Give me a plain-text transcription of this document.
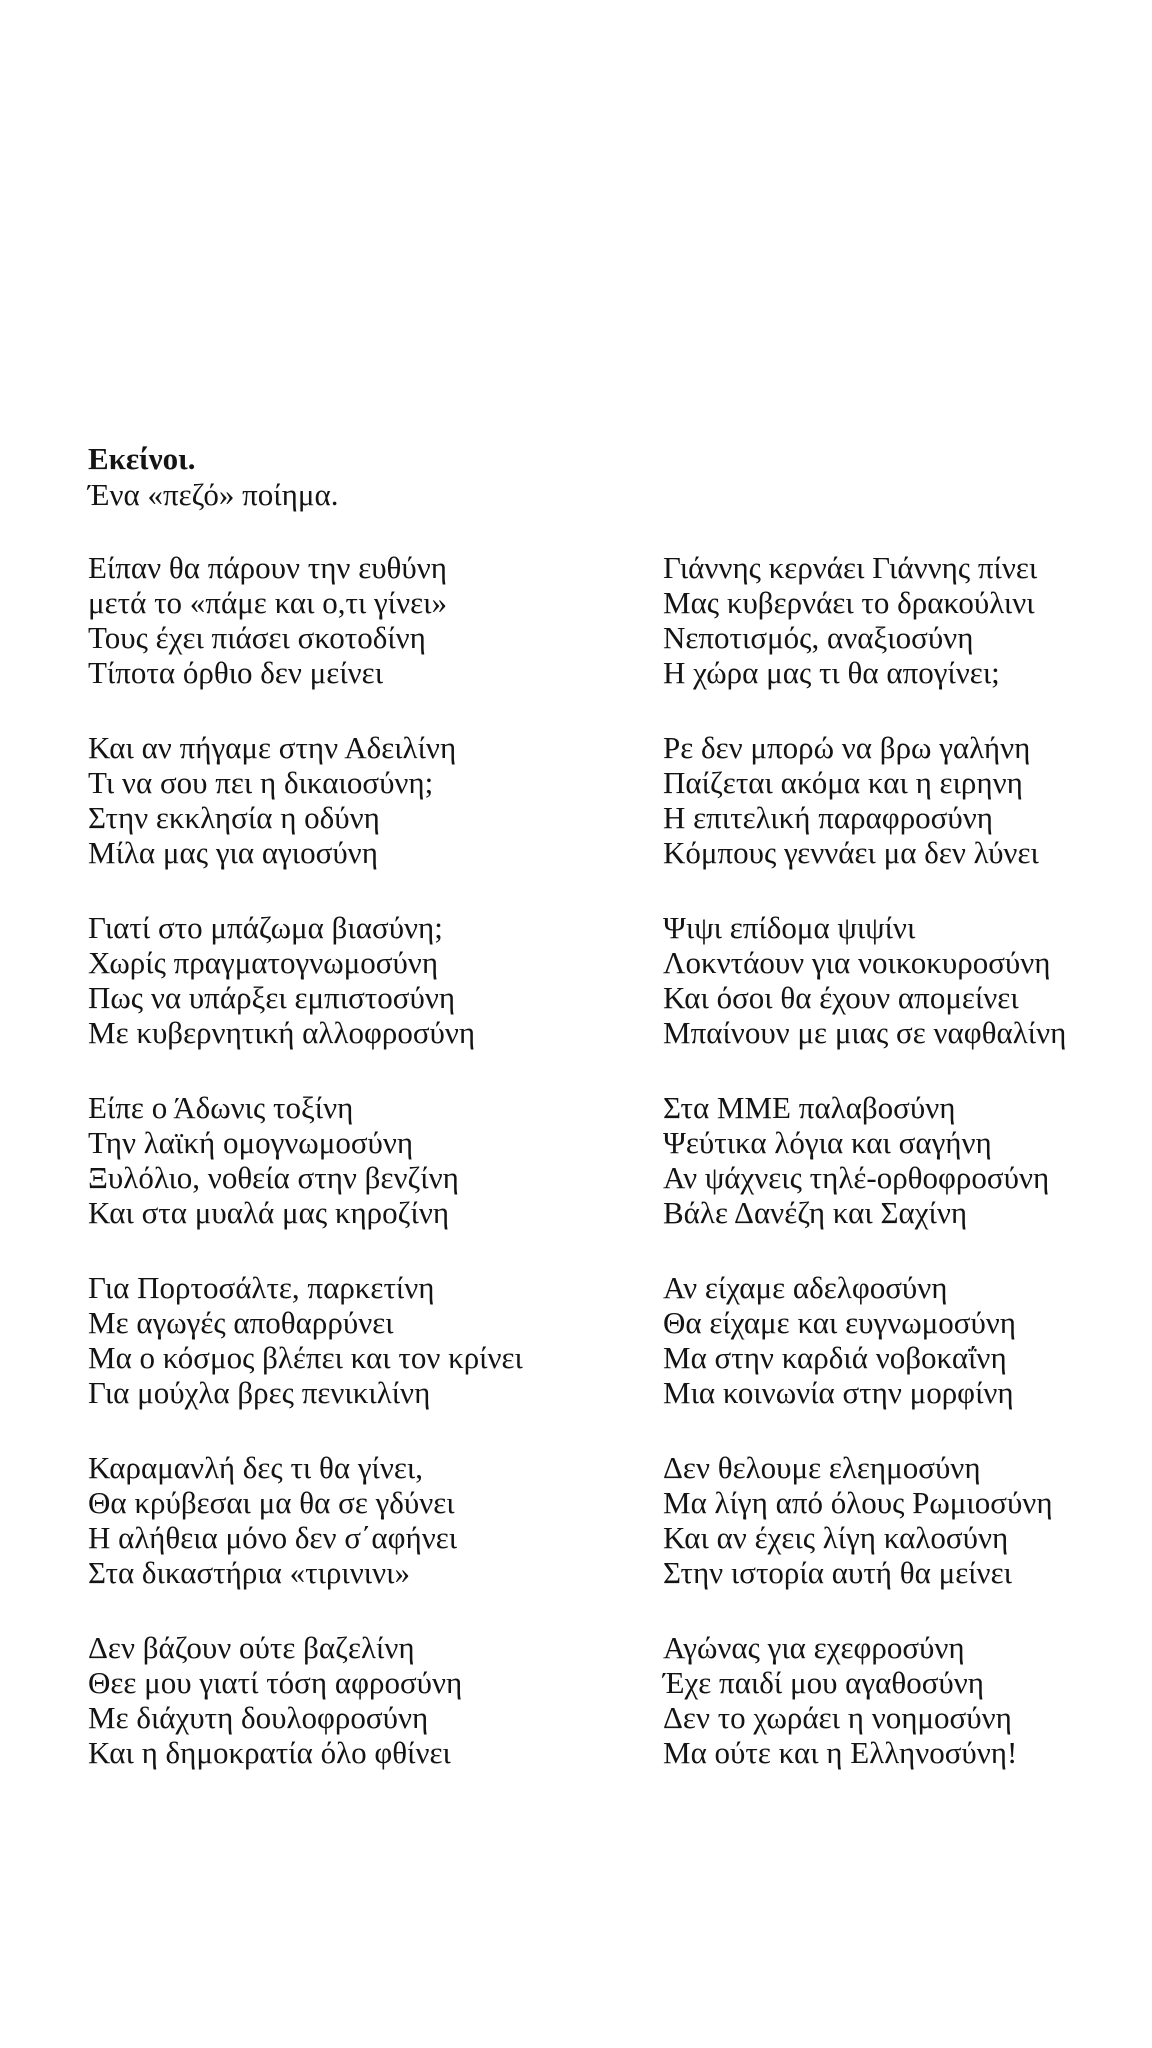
Εκείνοι.
Ένα «πεζό» ποίημα.
Είπαν θα πάρουν την ευθύνη
μετά το «πάμε και ο,τι γίνει»
Τους έχει πιάσει σκοτοδίνη
Τίποτα όρθιο δεν μείνει
Και αν πήγαμε στην Αδειλίνη
Τι να σου πει η δικαιοσύνη;
Στην εκκλησία η οδύνη
Μίλα μας για αγιοσύνη
Γιατί στο μπάζωμα βιασύνη;
Χωρίς πραγματογνωμοσύνη
Πως να υπάρξει εμπιστοσύνη
Με κυβερνητική αλλοφροσύνη
Είπε ο Άδωνις τοξίνη
Την λαϊκή ομογνωμοσύνη
Ξυλόλιο, νοθεία στην βενζίνη
Και στα μυαλά μας κηροζίνη
Για Πορτοσάλτε, παρκετίνη
Με αγωγές αποθαρρύνει
Μα ο κόσμος βλέπει και τον κρίνει
Για μούχλα βρες πενικιλίνη
Καραμανλή δες τι θα γίνει,
Θα κρύβεσαι μα θα σε γδύνει
Η αλήθεια μόνο δεν σ΄αφήνει
Στα δικαστήρια «τιρινινι»
Δεν βάζουν ούτε βαζελίνη
Θεε μου γιατί τόση αφροσύνη
Με διάχυτη δουλοφροσύνη
Και η δημοκρατία όλο φθίνει
Γιάννης κερνάει Γιάννης πίνει
Μας κυβερνάει το δρακούλινι
Νεποτισμός, αναξιοσύνη
Η χώρα μας τι θα απογίνει;
Ρε δεν μπορώ να βρω γαλήνη
Παίζεται ακόμα και η ειρηνη
Η επιτελική παραφροσύνη
Κόμπους γεννάει μα δεν λύνει
Ψιψι επίδομα ψιψίνι
Λοκντάουν για νοικοκυροσύνη
Και όσοι θα έχουν απομείνει
Μπαίνουν με μιας σε ναφθαλίνη
Στα ΜΜΕ παλαβοσύνη
Ψεύτικα λόγια και σαγήνη
Αν ψάχνεις τηλέ-ορθοφροσύνη
Βάλε Δανέζη και Σαχίνη
Αν είχαμε αδελφοσύνη
Θα είχαμε και ευγνωμοσύνη
Μα στην καρδιά νοβοκαΐνη
Μια κοινωνία στην μορφίνη
Δεν θελουμε ελεημοσύνη
Μα λίγη από όλους Ρωμιοσύνη
Και αν έχεις λίγη καλοσύνη
Στην ιστορία αυτή θα μείνει
Αγώνας για εχεφροσύνη
Έχε παιδί μου αγαθοσύνη
Δεν το χωράει η νοημοσύνη
Μα ούτε και η Ελληνοσύνη!
